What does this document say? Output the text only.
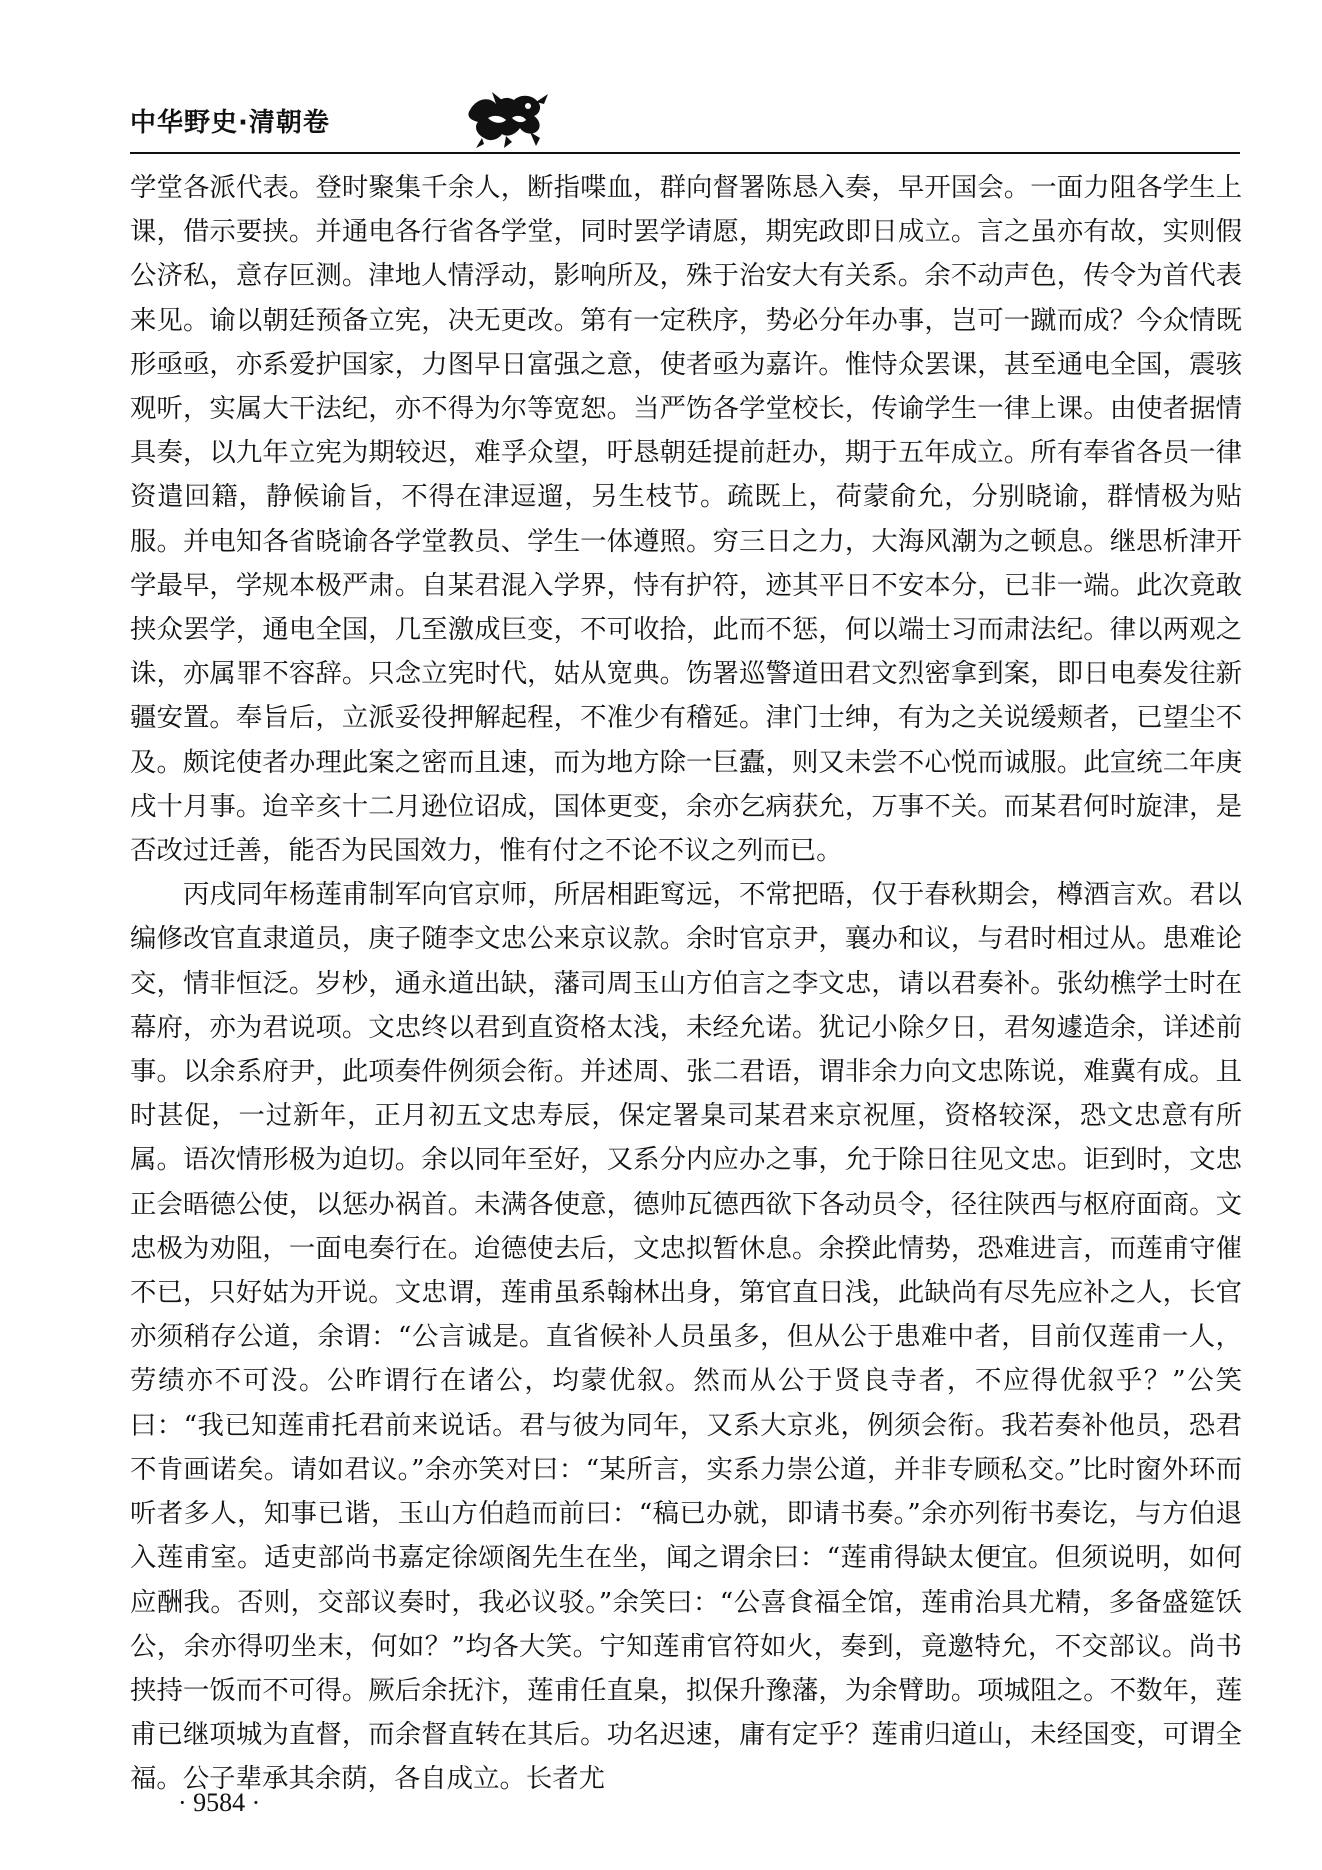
中华野史·清朝卷

学堂各派代表。登时聚集千余人，断指喋血，群向督署陈恳入奏，早开国会。一面力阻各学生上课，借示要挟。并通电各行省各学堂，同时罢学请愿，期宪政即日成立。言之虽亦有故，实则假公济私，意存叵测。津地人情浮动，影响所及，殊于治安大有关系。余不动声色，传令为首代表来见。谕以朝廷预备立宪，决无更改。第有一定秩序，势必分年办事，岂可一蹴而成？今众情既形亟亟，亦系爱护国家，力图早日富强之意，使者亟为嘉许。惟恃众罢课，甚至通电全国，震骇观听，实属大干法纪，亦不得为尔等宽恕。当严饬各学堂校长，传谕学生一律上课。由使者据情具奏，以九年立宪为期较迟，难孚众望，吁恳朝廷提前赶办，期于五年成立。所有奉省各员一律资遣回籍，静候谕旨，不得在津逗遛，另生枝节。疏既上，荷蒙俞允，分别晓谕，群情极为贴服。并电知各省晓谕各学堂教员、学生一体遵照。穷三日之力，大海风潮为之顿息。继思析津开学最早，学规本极严肃。自某君混入学界，恃有护符，迹其平日不安本分，已非一端。此次竟敢挟众罢学，通电全国，几至激成巨变，不可收拾，此而不惩，何以端士习而肃法纪。律以两观之诛，亦属罪不容辞。只念立宪时代，姑从宽典。饬署巡警道田君文烈密拿到案，即日电奏发往新疆安置。奉旨后，立派妥役押解起程，不准少有稽延。津门士绅，有为之关说缓颊者，已望尘不及。颇诧使者办理此案之密而且速，而为地方除一巨蠹，则又未尝不心悦而诚服。此宣统二年庚戌十月事。迨辛亥十二月逊位诏成，国体更变，余亦乞病获允，万事不关。而某君何时旋津，是否改过迁善，能否为民国效力，惟有付之不论不议之列而已。

丙戌同年杨莲甫制军向官京师，所居相距窎远，不常把晤，仅于春秋期会，樽酒言欢。君以编修改官直隶道员，庚子随李文忠公来京议款。余时官京尹，襄办和议，与君时相过从。患难论交，情非恒泛。岁杪，通永道出缺，藩司周玉山方伯言之李文忠，请以君奏补。张幼樵学士时在幕府，亦为君说项。文忠终以君到直资格太浅，未经允诺。犹记小除夕日，君匆遽造余，详述前事。以余系府尹，此项奏件例须会衔。并述周、张二君语，谓非余力向文忠陈说，难冀有成。且时甚促，一过新年，正月初五文忠寿辰，保定署臬司某君来京祝厘，资格较深，恐文忠意有所属。语次情形极为迫切。余以同年至好，又系分内应办之事，允于除日往见文忠。讵到时，文忠正会晤德公使，以惩办祸首。未满各使意，德帅瓦德西欲下各动员令，径往陕西与枢府面商。文忠极为劝阻，一面电奏行在。迨德使去后，文忠拟暂休息。余揆此情势，恐难进言，而莲甫守催不已，只好姑为开说。文忠谓，莲甫虽系翰林出身，第官直日浅，此缺尚有尽先应补之人，长官亦须稍存公道，余谓：“公言诚是。直省候补人员虽多，但从公于患难中者，目前仅莲甫一人，劳绩亦不可没。公昨谓行在诸公，均蒙优叙。然而从公于贤良寺者，不应得优叙乎？”公笑曰：“我已知莲甫托君前来说话。君与彼为同年，又系大京兆，例须会衔。我若奏补他员，恐君不肯画诺矣。请如君议。”余亦笑对曰：“某所言，实系力崇公道，并非专顾私交。”比时窗外环而听者多人，知事已谐，玉山方伯趋而前曰：“稿已办就，即请书奏。”余亦列衔书奏讫，与方伯退入莲甫室。适吏部尚书嘉定徐颂阁先生在坐，闻之谓余曰：“莲甫得缺太便宜。但须说明，如何应酬我。否则，交部议奏时，我必议驳。”余笑曰：“公喜食福全馆，莲甫治具尤精，多备盛筵饫公，余亦得叨坐末，何如？”均各大笑。宁知莲甫官符如火，奏到，竟邀特允，不交部议。尚书挟持一饭而不可得。厥后余抚汴，莲甫任直臬，拟保升豫藩，为余臂助。项城阻之。不数年，莲甫已继项城为直督，而余督直转在其后。功名迟速，庸有定乎？莲甫归道山，未经国变，可谓全福。公子辈承其余荫，各自成立。长者尤

· 9584 ·
